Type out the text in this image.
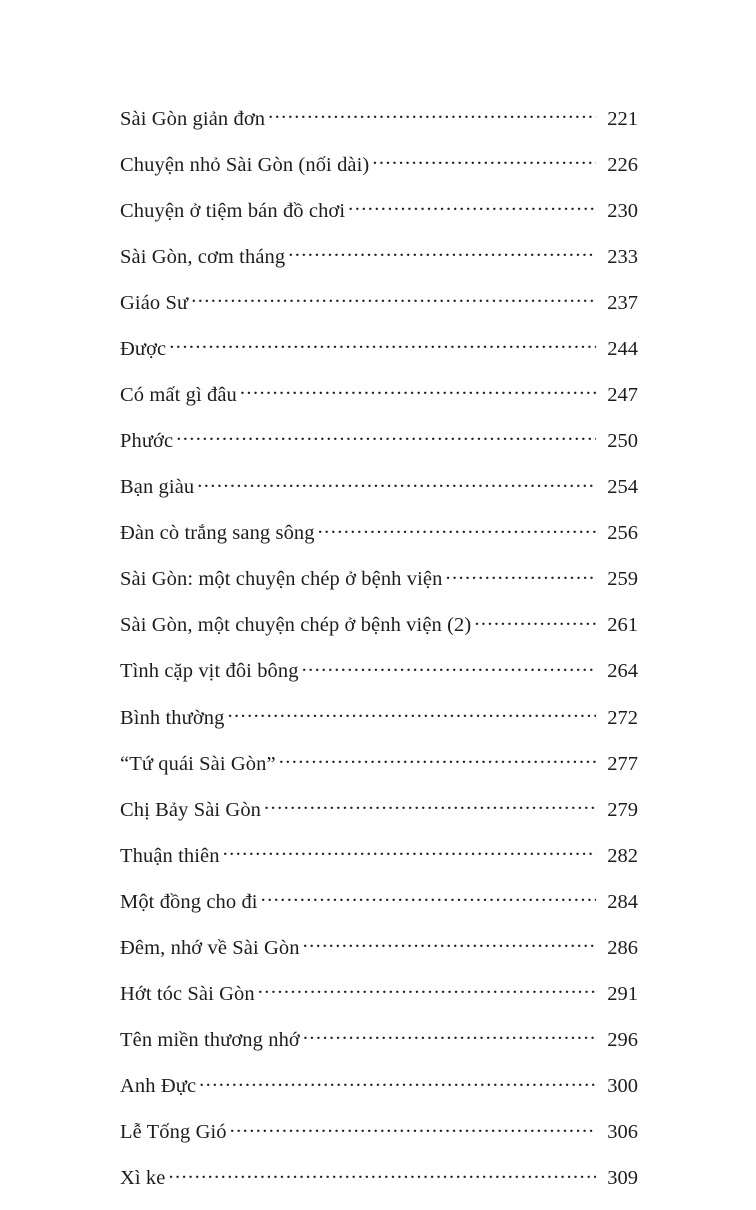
Sài Gòn giản đơn .....	221
Chuyện nhỏ Sài Gòn (nối dài) .....	226
Chuyện ở tiệm bán đồ chơi .....	230
Sài Gòn, cơm tháng .....	233
Giáo Sư .....	237
Được .....	244
Có mất gì đâu .....	247
Phước .....	250
Bạn giàu .....	254
Đàn cò trắng sang sông .....	256
Sài Gòn: một chuyện chép ở bệnh viện .....	259
Sài Gòn, một chuyện chép ở bệnh viện (2) .....	261
Tình cặp vịt đôi bông .....	264
Bình thường .....	272
“Tứ quái Sài Gòn” .....	277
Chị Bảy Sài Gòn .....	279
Thuận thiên .....	282
Một đồng cho đi .....	284
Đêm, nhớ về Sài Gòn .....	286
Hớt tóc Sài Gòn .....	291
Tên miền thương nhớ .....	296
Anh Đực .....	300
Lễ Tống Gió .....	306
Xì ke .....	309
